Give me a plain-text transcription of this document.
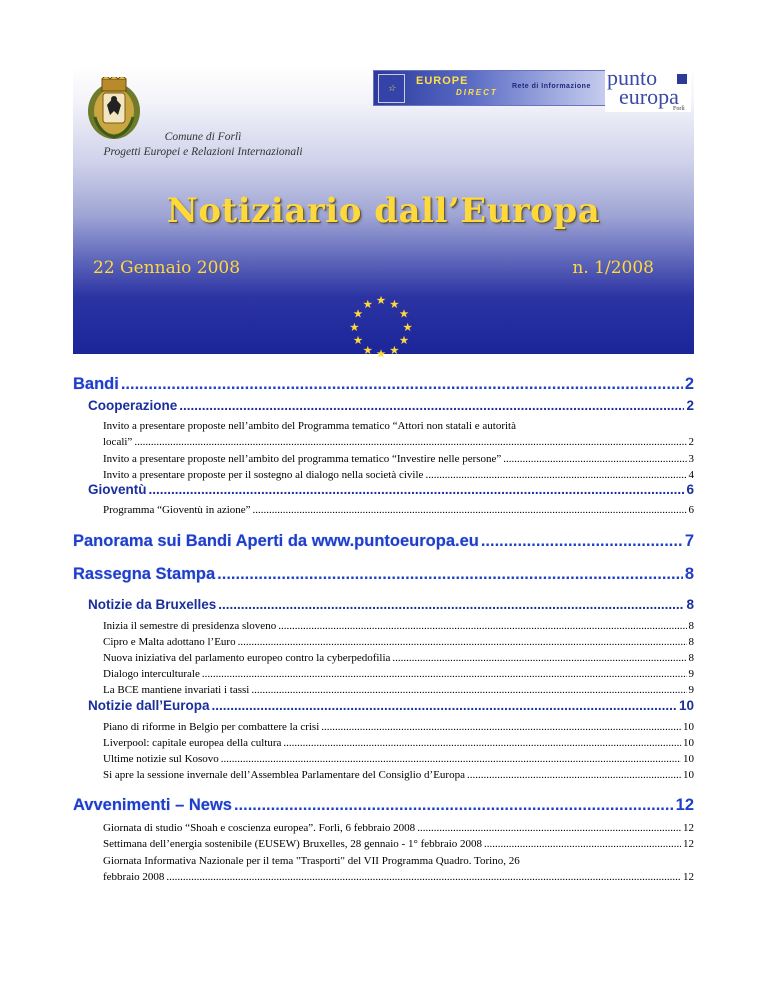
Comune di Forlì
Progetti Europei e Relazioni Internazionali
☆
EUROPE
DIRECT
Rete di Informazione punto
europa
Forlì
Notiziario dall’Europa
22 Gennaio 2008	n. 1/2008
★ ★
★
★
★
★
★
★
★
★
★
★
Bandi .....	2
Cooperazione .....	2
Invito a presentare proposte nell’ambito del Programma tematico “Attori non statali e autorità
locali” .....	2
Invito a presentare proposte nell’ambito del programma tematico “Investire nelle persone” .....	3
Invito a presentare proposte per il sostegno al dialogo nella società civile .....	4
Gioventù .....	6
Programma “Gioventù in azione” .....	6
Panorama sui Bandi Aperti da www.puntoeuropa.eu .....	7
Rassegna Stampa .....	8
Notizie da Bruxelles .....	8
Inizia il semestre di presidenza sloveno .....	8
Cipro e Malta adottano l’Euro .....	8
Nuova iniziativa del parlamento europeo contro la cyberpedofilia .....	8
Dialogo interculturale .....	9
La BCE mantiene invariati i tassi .....	9
Notizie dall’Europa .....	10
Piano di riforme in Belgio per combattere la crisi .....	10
Liverpool: capitale europea della cultura .....	10
Ultime notizie sul Kosovo .....	10
Si apre la sessione invernale dell’Assemblea Parlamentare del Consiglio d’Europa .....	10
Avvenimenti – News .....	12
Giornata di studio “Shoah e coscienza europea”. Forlì, 6 febbraio 2008 .....	12
Settimana dell’energia sostenibile (EUSEW) Bruxelles, 28 gennaio - 1° febbraio 2008 .....	12
Giornata Informativa Nazionale per il tema "Trasporti" del VII Programma Quadro. Torino, 26
febbraio 2008 .....	12
